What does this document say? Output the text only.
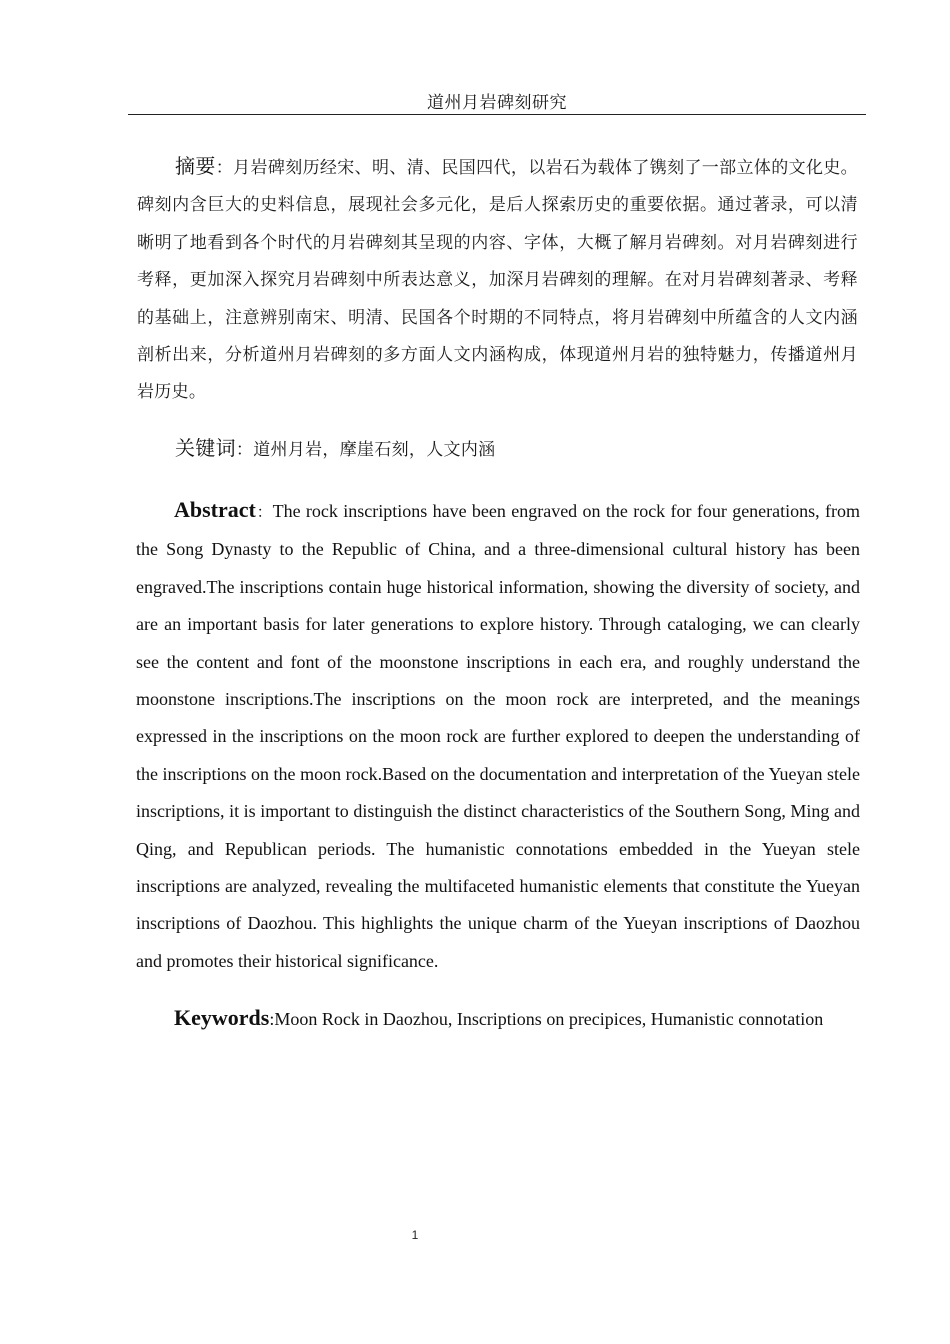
道州月岩碑刻研究
摘要：月岩碑刻历经宋、明、清、民国四代，以岩石为载体了镌刻了一部立体的文化史。碑刻内含巨大的史料信息，展现社会多元化，是后人探索历史的重要依据。通过著录，可以清晰明了地看到各个时代的月岩碑刻其呈现的内容、字体，大概了解月岩碑刻。对月岩碑刻进行考释，更加深入探究月岩碑刻中所表达意义，加深月岩碑刻的理解。在对月岩碑刻著录、考释的基础上，注意辨别南宋、明清、民国各个时期的不同特点，将月岩碑刻中所蕴含的人文内涵剖析出来，分析道州月岩碑刻的多方面人文内涵构成，体现道州月岩的独特魅力，传播道州月岩历史。
关键词：道州月岩，摩崖石刻，人文内涵

Abstract：The rock inscriptions have been engraved on the rock for four generations, from the Song Dynasty to the Republic of China, and a three-dimensional cultural history has been engraved.The inscriptions contain huge historical information, showing the diversity of society, and are an important basis for later generations to explore history. Through cataloging, we can clearly see the content and font of the moonstone inscriptions in each era, and roughly understand the moonstone inscriptions.The inscriptions on the moon rock are interpreted, and the meanings expressed in the inscriptions on the moon rock are further explored to deepen the understanding of the inscriptions on the moon rock.Based on the documentation and interpretation of the Yueyan stele inscriptions, it is important to distinguish the distinct characteristics of the Southern Song, Ming and Qing, and Republican periods. The humanistic connotations embedded in the Yueyan stele inscriptions are analyzed, revealing the multifaceted humanistic elements that constitute the Yueyan inscriptions of Daozhou. This highlights the unique charm of the Yueyan inscriptions of Daozhou and promotes their historical significance.

Keywords:Moon Rock in Daozhou, Inscriptions on precipices, Humanistic connotation
1
